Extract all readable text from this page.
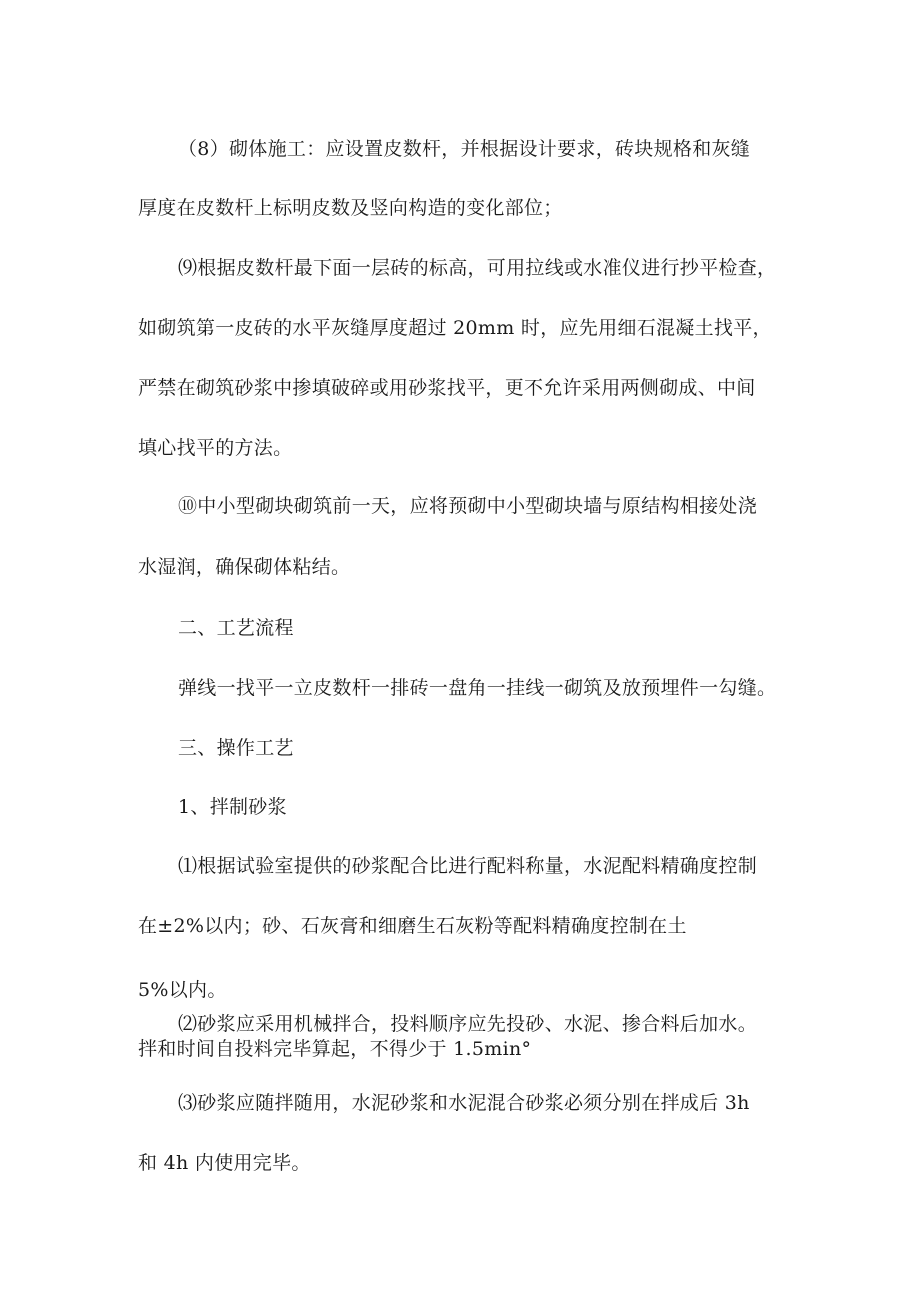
（8）砌体施工：应设置皮数杆，并根据设计要求，砖块规格和灰缝
厚度在皮数杆上标明皮数及竖向构造的变化部位；
⑼根据皮数杆最下面一层砖的标高，可用拉线或水准仪进行抄平检查，
如砌筑第一皮砖的水平灰缝厚度超过 20mm 时，应先用细石混凝土找平，
严禁在砌筑砂浆中掺填破碎或用砂浆找平，更不允许采用两侧砌成、中间
填心找平的方法。
⑩中小型砌块砌筑前一天，应将预砌中小型砌块墙与原结构相接处浇
水湿润，确保砌体粘结。
二、工艺流程
弹线一找平一立皮数杆一排砖一盘角一挂线一砌筑及放预埋件一勾缝。
三、操作工艺
1、拌制砂浆
⑴根据试验室提供的砂浆配合比进行配料称量，水泥配料精确度控制
在±2%以内；砂、石灰膏和细磨生石灰粉等配料精确度控制在土
5%以内。
⑵砂浆应采用机械拌合，投料顺序应先投砂、水泥、掺合料后加水。
拌和时间自投料完毕算起，不得少于 1.5min°
⑶砂浆应随拌随用，水泥砂浆和水泥混合砂浆必须分别在拌成后 3h
和 4h 内使用完毕。
